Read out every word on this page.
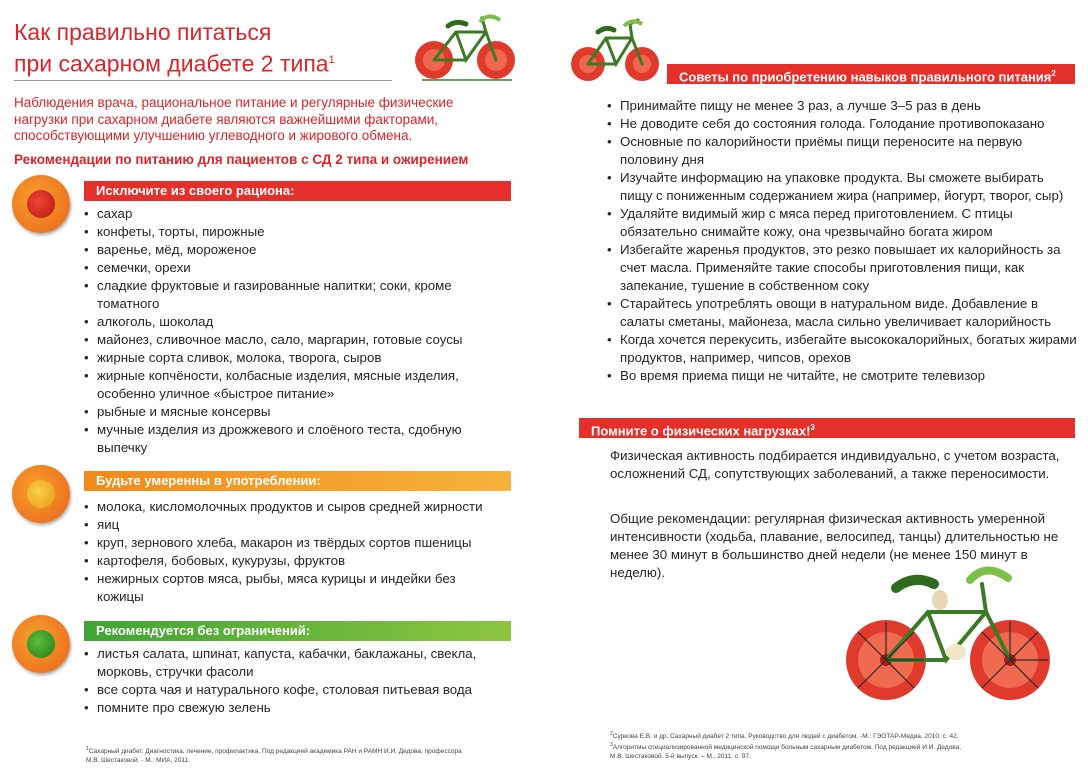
Как правильно питаться
при сахарном диабете 2 типа$^1$
Наблюдения врача, рациональное питание и регулярные физические нагрузки при сахарном диабете являются важнейшими факторами, способствующими улучшению углеводного и жирового обмена.
Рекомендации по питанию для пациентов с СД 2 типа и ожирением
Исключите из своего рациона:
• сахар
• конфеты, торты, пирожные
• варенье, мёд, мороженое
• семечки, орехи
• сладкие фруктовые и газированные напитки; соки, кроме томатного
• алкоголь, шоколад
• майонез, сливочное масло, сало, маргарин, готовые соусы
• жирные сорта сливок, молока, творога, сыров
• жирные копчёности, колбасные изделия, мясные изделия, особенно уличное «быстрое питание»
• рыбные и мясные консервы
• мучные изделия из дрожжевого и слоёного теста, сдобную выпечку
Будьте умеренны в употреблении:
• молока, кисломолочных продуктов и сыров средней жирности
• яиц
• круп, зернового хлеба, макарон из твёрдых сортов пшеницы
• картофеля, бобовых, кукурузы, фруктов
• нежирных сортов мяса, рыбы, мяса курицы и индейки без кожицы
Рекомендуется без ограничений:
• листья салата, шпинат, капуста, кабачки, баклажаны, свекла, морковь, стручки фасоли
• все сорта чая и натурального кофе, столовая питьевая вода
• помните про свежую зелень
$^1$Сахарный диабет. Диагностика, лечение, профилактика. Под редакцией академика РАН и РАМН И.И. Дедова, профессора
М.В. Шестаковой. - М.: МИА, 2011.
Советы по приобретению навыков правильного питания$^2$
• Принимайте пищу не менее 3 раз, а лучше 3–5 раз в день
• Не доводите себя до состояния голода. Голодание противопоказано
• Основные по калорийности приёмы пищи переносите на первую половину дня
• Изучайте информацию на упаковке продукта. Вы сможете выбирать пищу с пониженным содержанием жира (например, йогурт, творог, сыр)
• Удаляйте видимый жир с мяса перед приготовлением. С птицы обязательно снимайте кожу, она чрезвычайно богата жиром
• Избегайте жаренья продуктов, это резко повышает их калорийность за счет масла. Применяйте такие способы приготовления пищи, как запекание, тушение в собственном соку
• Старайтесь употреблять овощи в натуральном виде. Добавление в салаты сметаны, майонеза, масла сильно увеличивает калорийность
• Когда хочется перекусить, избегайте высококалорийных, богатых жирами продуктов, например, чипсов, орехов
• Во время приема пищи не читайте, не смотрите телевизор
Помните о физических нагрузках!$^3$
Физическая активность подбирается индивидуально, с учетом возраста, осложнений СД, сопутствующих заболеваний, а также переносимости.
Общие рекомендации: регулярная физическая активность умеренной интенсивности (ходьба, плавание, велосипед, танцы) длительностью не менее 30 минут в большинство дней недели (не менее 150 минут в неделю).
$^2$Суркова Е.В. и др. Сахарный диабет 2 типа. Руководство для людей с диабетом. -М.: ГЭОТАР-Медиа, 2010. с. 42.
$^3$Алгоритмы специализированной медицинской помощи больным сахарным диабетом. Под редакцией И.И. Дедова,
М.В. Шестаковой. 5-й выпуск. – М., 2011. с. 97.
